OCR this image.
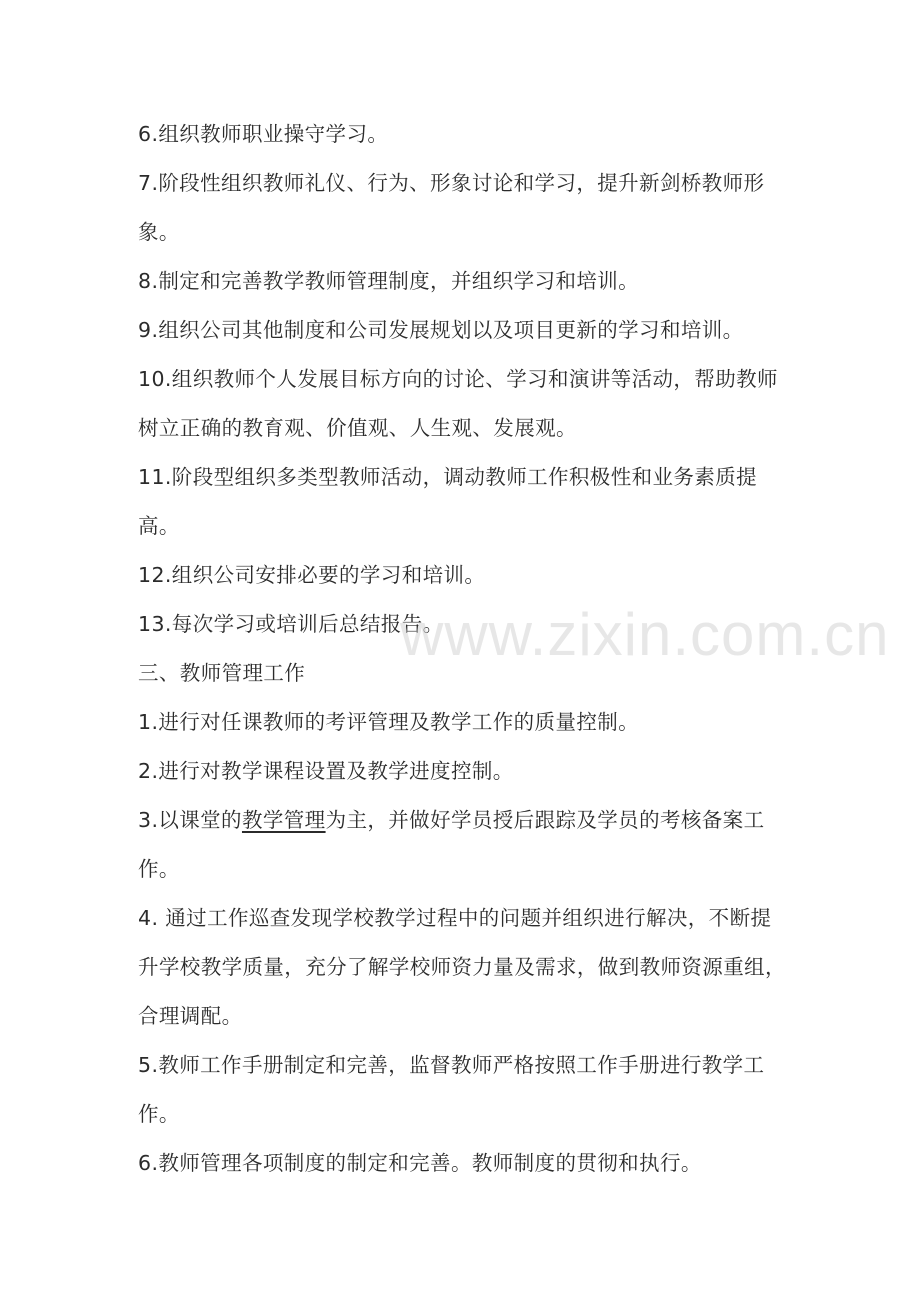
6.组织教师职业操守学习。

7.阶段性组织教师礼仪、行为、形象讨论和学习，提升新剑桥教师形象。

8.制定和完善教学教师管理制度，并组织学习和培训。

9.组织公司其他制度和公司发展规划以及项目更新的学习和培训。

10.组织教师个人发展目标方向的讨论、学习和演讲等活动，帮助教师树立正确的教育观、价值观、人生观、发展观。

11.阶段型组织多类型教师活动，调动教师工作积极性和业务素质提高。

12.组织公司安排必要的学习和培训。

13.每次学习或培训后总结报告。

三、教师管理工作

1.进行对任课教师的考评管理及教学工作的质量控制。

2.进行对教学课程设置及教学进度控制。

3.以课堂的教学管理为主，并做好学员授后跟踪及学员的考核备案工作。

4. 通过工作巡查发现学校教学过程中的问题并组织进行解决，不断提升学校教学质量，充分了解学校师资力量及需求，做到教师资源重组，合理调配。

5.教师工作手册制定和完善，监督教师严格按照工作手册进行教学工作。

6.教师管理各项制度的制定和完善。教师制度的贯彻和执行。

www.zixin.com.cn
